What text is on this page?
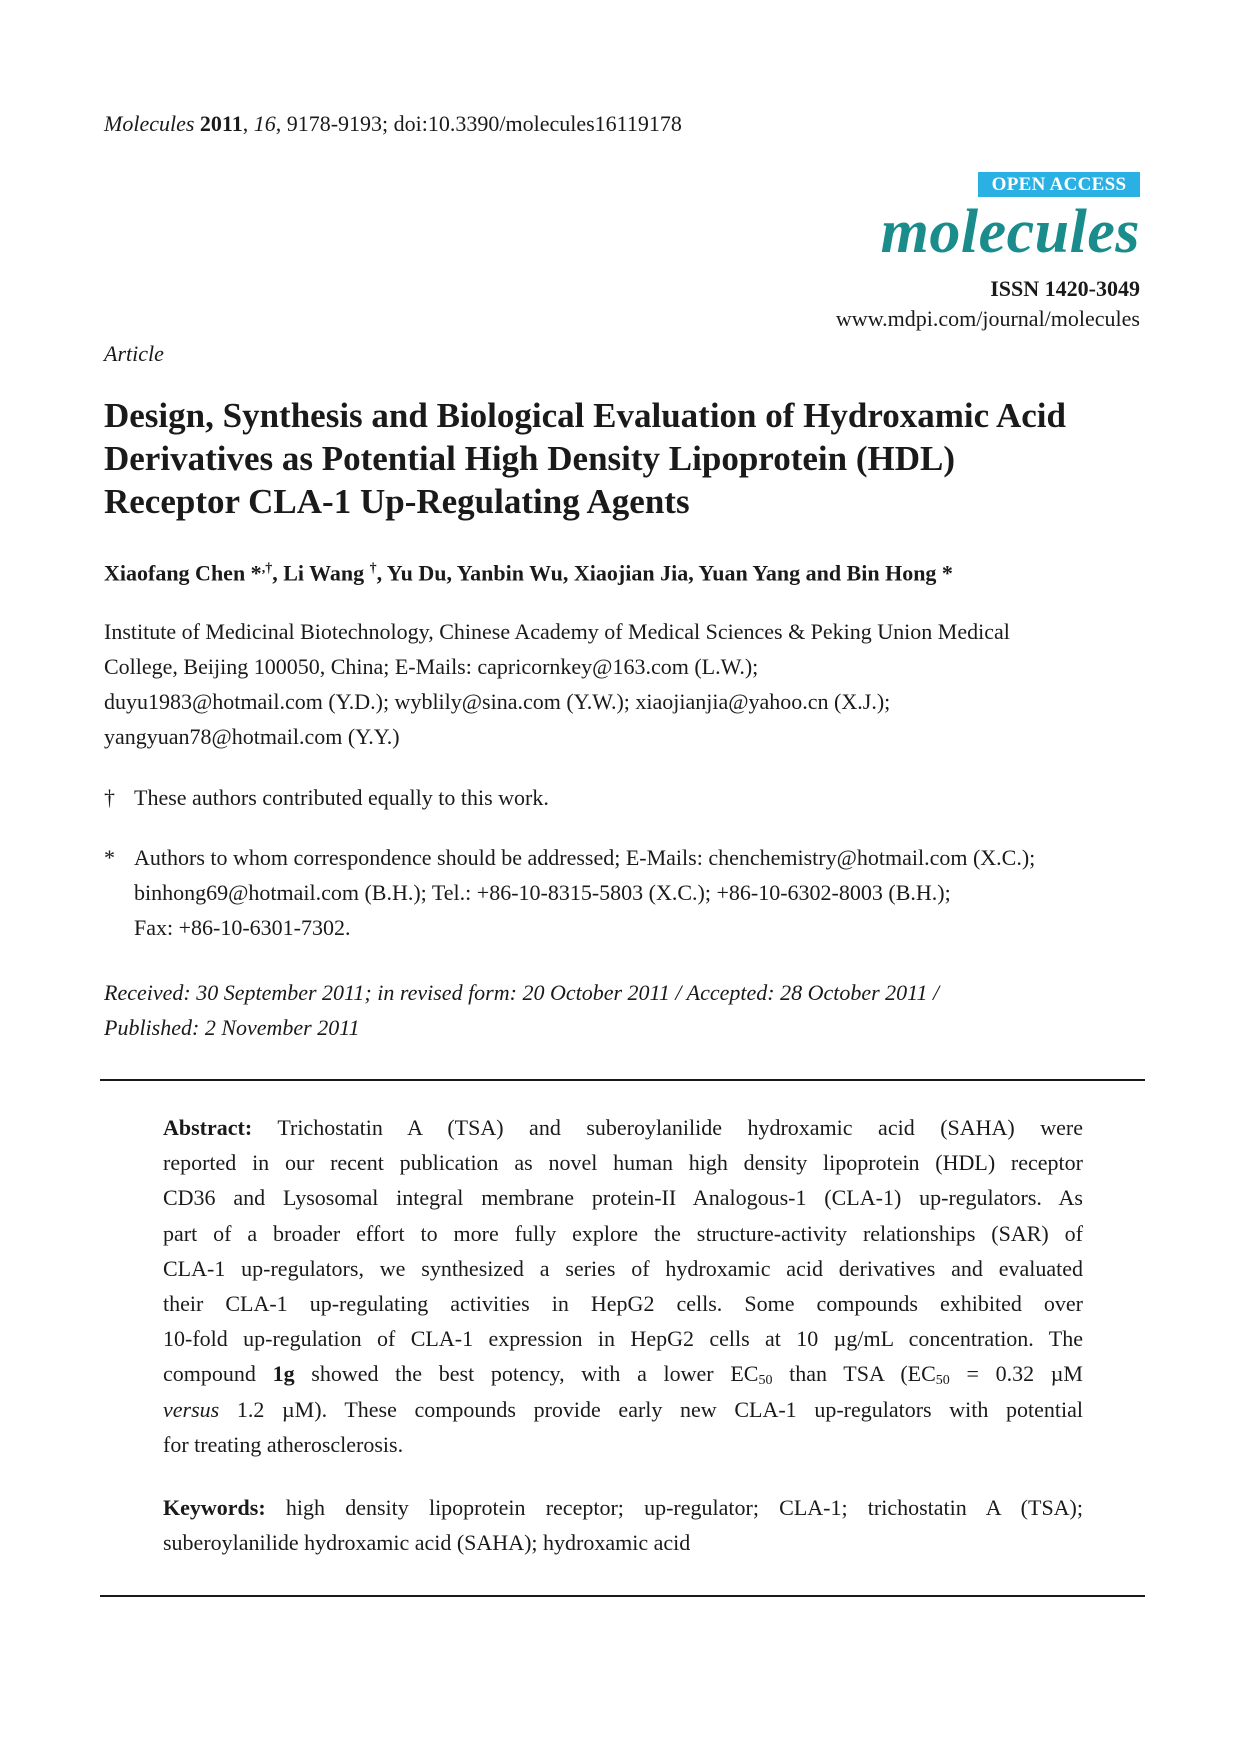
Molecules 2011, 16, 9178-9193; doi:10.3390/molecules16119178
OPEN ACCESS
molecules
ISSN 1420-3049
www.mdpi.com/journal/molecules
Article
Design, Synthesis and Biological Evaluation of Hydroxamic Acid
Derivatives as Potential High Density Lipoprotein (HDL)
Receptor CLA-1 Up-Regulating Agents
Xiaofang Chen *,†, Li Wang †, Yu Du, Yanbin Wu, Xiaojian Jia, Yuan Yang and Bin Hong *
Institute of Medicinal Biotechnology, Chinese Academy of Medical Sciences & Peking Union Medical
College, Beijing 100050, China; E-Mails: capricornkey@163.com (L.W.);
duyu1983@hotmail.com (Y.D.); wyblily@sina.com (Y.W.); xiaojianjia@yahoo.cn (X.J.);
yangyuan78@hotmail.com (Y.Y.)
† These authors contributed equally to this work.
* Authors to whom correspondence should be addressed; E-Mails: chenchemistry@hotmail.com (X.C.);
binhong69@hotmail.com (B.H.); Tel.: +86-10-8315-5803 (X.C.); +86-10-6302-8003 (B.H.);
Fax: +86-10-6301-7302.
Received: 30 September 2011; in revised form: 20 October 2011 / Accepted: 28 October 2011 /
Published: 2 November 2011
Abstract: Trichostatin A (TSA) and suberoylanilide hydroxamic acid (SAHA) were
reported in our recent publication as novel human high density lipoprotein (HDL) receptor
CD36 and Lysosomal integral membrane protein-II Analogous-1 (CLA-1) up-regulators. As
part of a broader effort to more fully explore the structure-activity relationships (SAR) of
CLA-1 up-regulators, we synthesized a series of hydroxamic acid derivatives and evaluated
their CLA-1 up-regulating activities in HepG2 cells. Some compounds exhibited over
10-fold up-regulation of CLA-1 expression in HepG2 cells at 10 µg/mL concentration. The
compound 1g showed the best potency, with a lower $EC_{50}$ than TSA ($EC_{50} = 0.32$ µM
versus 1.2 µM). These compounds provide early new CLA-1 up-regulators with potential
for treating atherosclerosis.
Keywords: high density lipoprotein receptor; up-regulator; CLA-1; trichostatin A (TSA);
suberoylanilide hydroxamic acid (SAHA); hydroxamic acid
